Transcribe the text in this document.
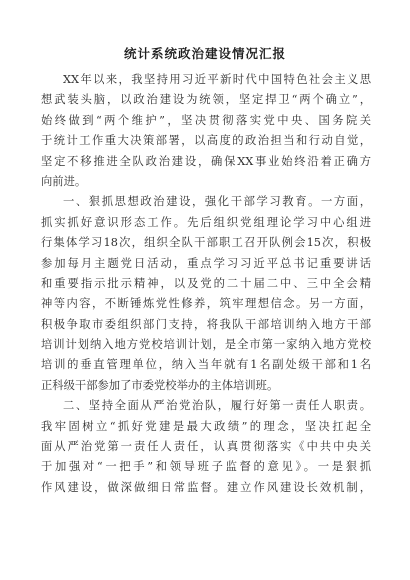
统计系统政治建设情况汇报
XX年以来，我坚持用习近平新时代中国特色社会主义思
想武装头脑，以政治建设为统领，坚定捍卫“两个确立”，
始终做到“两个维护”，坚决贯彻落实党中央、国务院关
于统计工作重大决策部署，以高度的政治担当和行动自觉，
坚定不移推进全队政治建设，确保XX事业始终沿着正确方
向前进。
一、狠抓思想政治建设，强化干部学习教育。一方面，
抓实抓好意识形态工作。先后组织党组理论学习中心组进
行集体学习18次，组织全队干部职工召开队例会15次，积极
参加每月主题党日活动，重点学习习近平总书记重要讲话
和重要指示批示精神，以及党的二十届二中、三中全会精
神等内容，不断锤炼党性修养，筑牢理想信念。另一方面，
积极争取市委组织部门支持，将我队干部培训纳入地方干部
培训计划纳入地方党校培训计划，是全市第一家纳入地方党校
培训的垂直管理单位，纳入当年就有1名副处级干部和1名
正科级干部参加了市委党校举办的主体培训班。
二、坚持全面从严治党治队，履行好第一责任人职责。
我牢固树立“抓好党建是最大政绩”的理念，坚决扛起全
面从严治党第一责任人责任，认真贯彻落实《中共中央关
于加强对“一把手”和领导班子监督的意见》。一是狠抓
作风建设，做深做细日常监督。建立作风建设长效机制，
